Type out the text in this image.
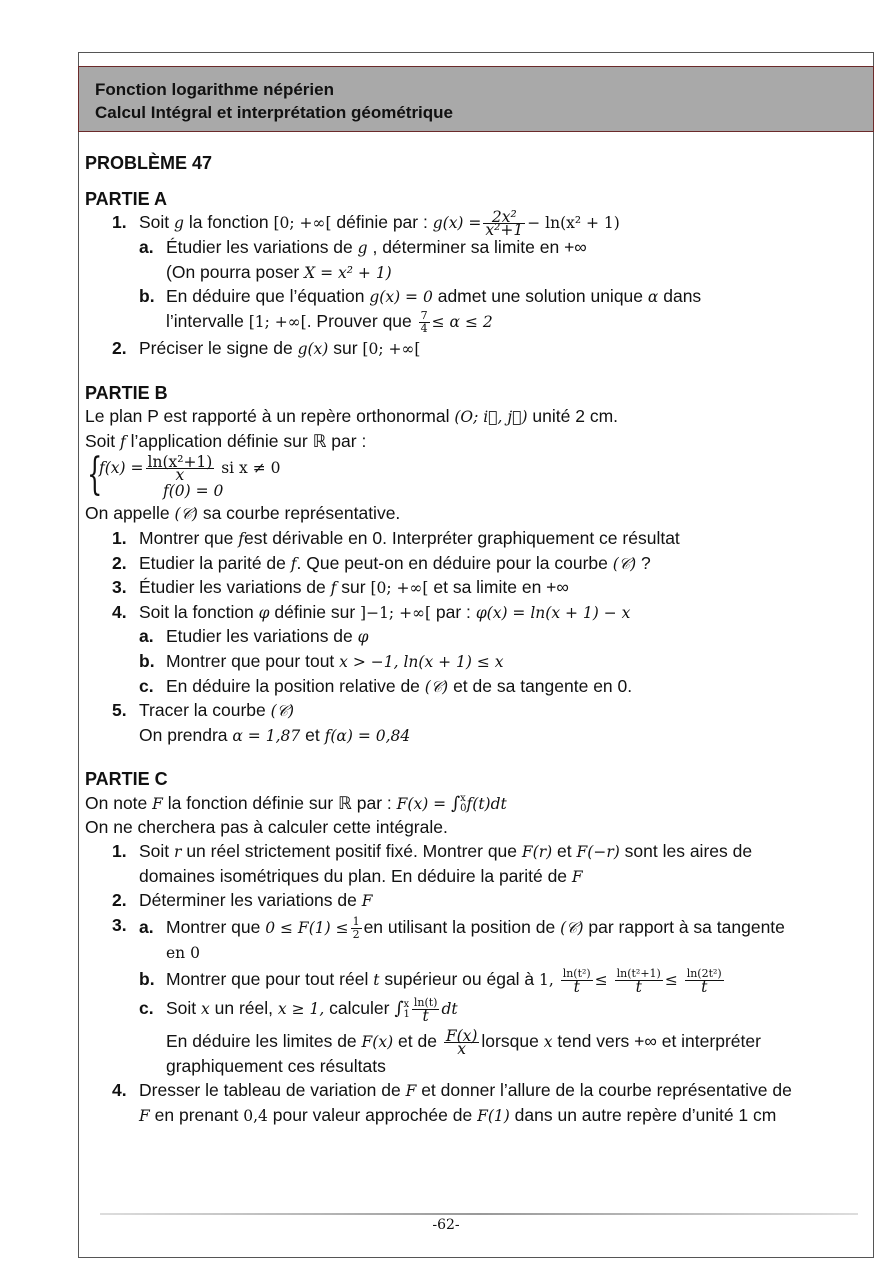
Fonction logarithme népérien
Calcul Intégral et interprétation géométrique
PROBLÈME 47
PARTIE A
1. Soit g la fonction [0; +∞[ définie par : $g(x) = \frac{\text{2x²}}{\text{x²+1}} - \ln(x^2 + 1)$
a. Étudier les variations de g , déterminer sa limite en +∞
(On pourra poser X = x² + 1)
b. En déduire que l’équation g(x) = 0 admet une solution unique α dans
l’intervalle [1; +∞[. Prouver que $\frac{7}{4} \le \alpha \le 2$
2. Préciser le signe de g(x) sur [0; +∞[
PARTIE B
Le plan P est rapporté à un repère orthonormal (O; i⃗, j⃗) unité 2 cm.
Soit f l’application définie sur ℝ par :
{
$f(x) = \frac{\text{ln(x²+1)}}{x}$ si x ≠ 0
f(0) = 0
On appelle (𝒞) sa courbe représentative.
1. Montrer que fest dérivable en 0. Interpréter graphiquement ce résultat
2. Etudier la parité de f. Que peut-on en déduire pour la courbe (𝒞) ?
3. Étudier les variations de f sur [0; +∞[ et sa limite en +∞
4. Soit la fonction φ définie sur ]−1; +∞[ par : φ(x) = ln(x + 1) − x
a. Etudier les variations de φ
b. Montrer que pour tout x > −1, ln(x + 1) ≤ x
c. En déduire la position relative de (𝒞) et de sa tangente en 0.
5. Tracer la courbe (𝒞)
On prendra α = 1,87 et f(α) = 0,84
PARTIE C
On note F la fonction définie sur ℝ par : F(x) = ∫ x
0 f(t)dt
On ne cherchera pas à calculer cette intégrale.
1. Soit r un réel strictement positif fixé. Montrer que F(r) et F(−r) sont les aires de
domaines isométriques du plan. En déduire la parité de F
2. Déterminer les variations de F
3. a. Montrer que $0 \le F(1) \le \frac{1}{2}$ en utilisant la position de (𝒞) par rapport à sa tangente
en 0
b. Montrer que pour tout réel t supérieur ou égal à 1, $\frac{\text{ln(t²)}}{t} \le \frac{\text{ln(t²+1)}}{t} \le \frac{\text{ln(2t²)}}{t}$
c. Soit x un réel, x ≥ 1, calculer ∫ x
$1 \frac{\ln(t)}{t}$ dt
En déduire les limites de F(x) et de $\frac{F(x)}{x}$ lorsque x tend vers +∞ et interpréter
graphiquement ces résultats
4. Dresser le tableau de variation de F et donner l’allure de la courbe représentative de
F en prenant 0,4 pour valeur approchée de F(1) dans un autre repère d’unité 1 cm
-62-
